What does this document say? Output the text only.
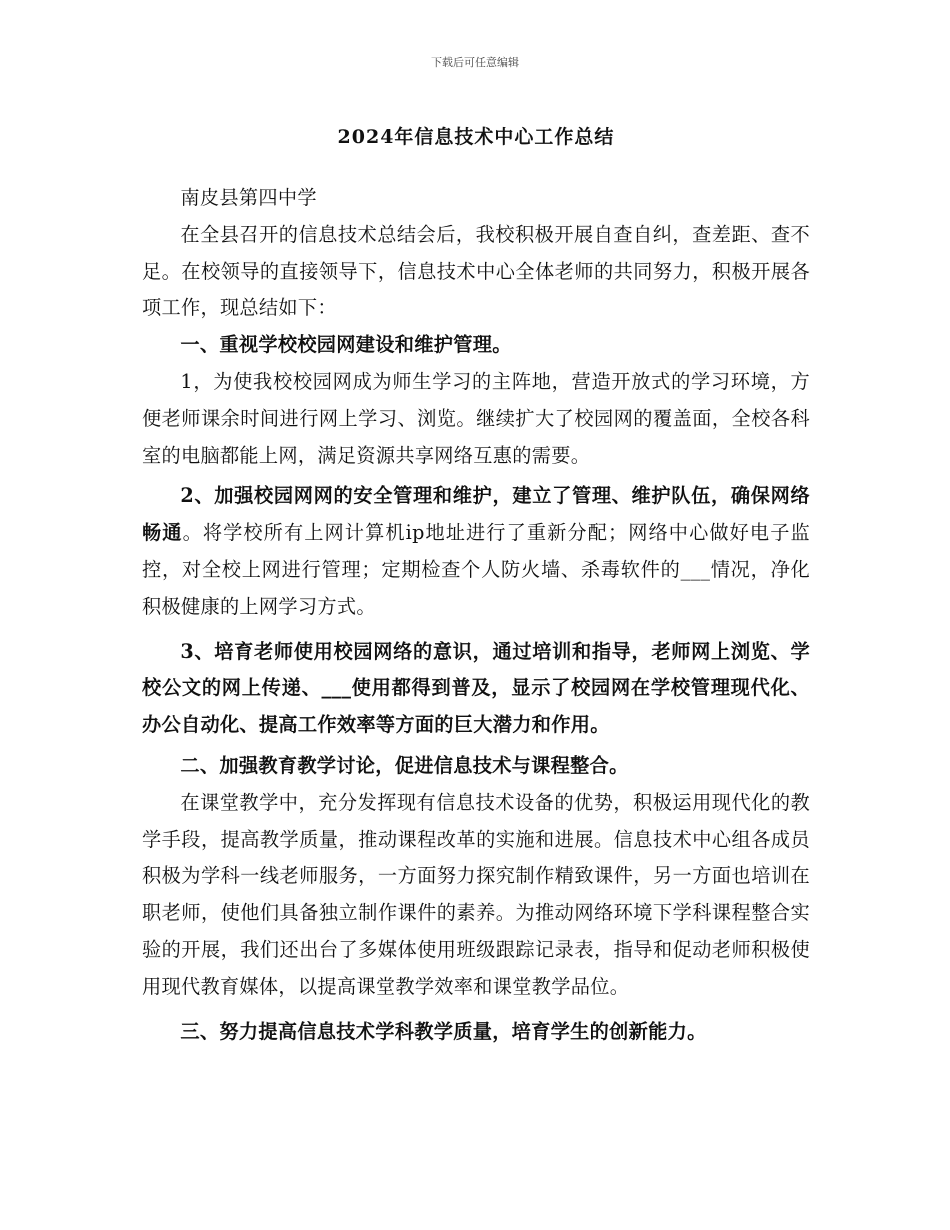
下载后可任意编辑
2024年信息技术中心工作总结

南皮县第四中学

在全县召开的信息技术总结会后，我校积极开展自查自纠，查差距、查不足。在校领导的直接领导下，信息技术中心全体老师的共同努力，积极开展各项工作，现总结如下：

一、重视学校校园网建设和维护管理。

1，为使我校校园网成为师生学习的主阵地，营造开放式的学习环境，方便老师课余时间进行网上学习、浏览。继续扩大了校园网的覆盖面，全校各科室的电脑都能上网，满足资源共享网络互惠的需要。

2、加强校园网网的安全管理和维护，建立了管理、维护队伍，确保网络畅通。将学校所有上网计算机ip地址进行了重新分配；网络中心做好电子监控，对全校上网进行管理；定期检查个人防火墙、杀毒软件的___情况，净化积极健康的上网学习方式。

3、培育老师使用校园网络的意识，通过培训和指导，老师网上浏览、学校公文的网上传递、___使用都得到普及，显示了校园网在学校管理现代化、办公自动化、提高工作效率等方面的巨大潜力和作用。

二、加强教育教学讨论，促进信息技术与课程整合。

在课堂教学中，充分发挥现有信息技术设备的优势，积极运用现代化的教学手段，提高教学质量，推动课程改革的实施和进展。信息技术中心组各成员积极为学科一线老师服务，一方面努力探究制作精致课件，另一方面也培训在职老师，使他们具备独立制作课件的素养。为推动网络环境下学科课程整合实验的开展，我们还出台了多媒体使用班级跟踪记录表，指导和促动老师积极使用现代教育媒体，以提高课堂教学效率和课堂教学品位。

三、努力提高信息技术学科教学质量，培育学生的创新能力。
